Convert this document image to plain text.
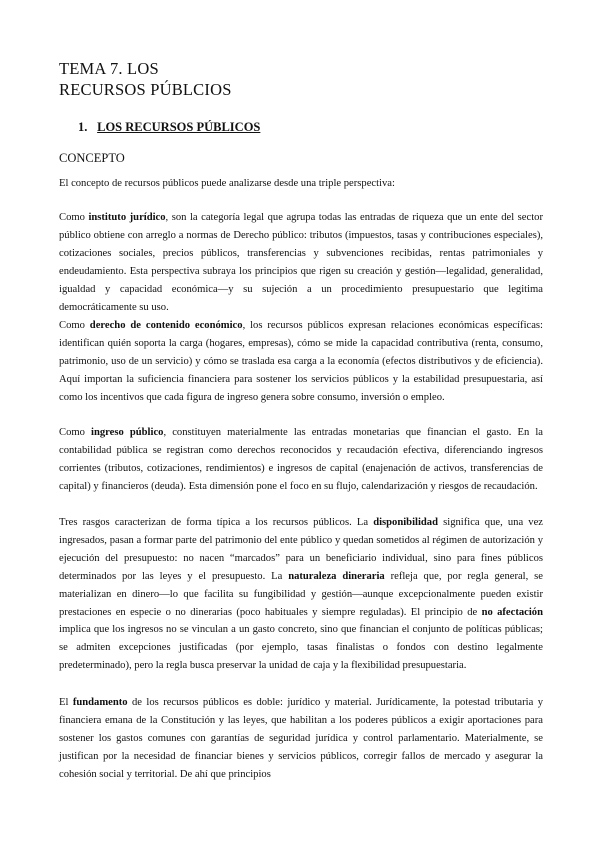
TEMA 7. LOS
RECURSOS PÚBLCIOS
1. LOS RECURSOS PÚBLICOS
CONCEPTO

El concepto de recursos públicos puede analizarse desde una triple perspectiva:

Como instituto jurídico, son la categoría legal que agrupa todas las entradas de riqueza que un ente del sector público obtiene con arreglo a normas de Derecho público: tributos (impuestos, tasas y contribuciones especiales), cotizaciones sociales, precios públicos, transferencias y subvenciones recibidas, rentas patrimoniales y endeudamiento. Esta perspectiva subraya los principios que rigen su creación y gestión—legalidad, generalidad, igualdad y capacidad económica—y su sujeción a un procedimiento presupuestario que legitima democráticamente su uso.

Como derecho de contenido económico, los recursos públicos expresan relaciones económicas específicas: identifican quién soporta la carga (hogares, empresas), cómo se mide la capacidad contributiva (renta, consumo, patrimonio, uso de un servicio) y cómo se traslada esa carga a la economía (efectos distributivos y de eficiencia). Aquí importan la suficiencia financiera para sostener los servicios públicos y la estabilidad presupuestaria, así como los incentivos que cada figura de ingreso genera sobre consumo, inversión o empleo.

Como ingreso público, constituyen materialmente las entradas monetarias que financian el gasto. En la contabilidad pública se registran como derechos reconocidos y recaudación efectiva, diferenciando ingresos corrientes (tributos, cotizaciones, rendimientos) e ingresos de capital (enajenación de activos, transferencias de capital) y financieros (deuda). Esta dimensión pone el foco en su flujo, calendarización y riesgos de recaudación.

Tres rasgos caracterizan de forma típica a los recursos públicos. La disponibilidad significa que, una vez ingresados, pasan a formar parte del patrimonio del ente público y quedan sometidos al régimen de autorización y ejecución del presupuesto: no nacen “marcados” para un beneficiario individual, sino para fines públicos determinados por las leyes y el presupuesto. La naturaleza dineraria refleja que, por regla general, se materializan en dinero—lo que facilita su fungibilidad y gestión—aunque excepcionalmente pueden existir prestaciones en especie o no dinerarias (poco habituales y siempre reguladas). El principio de no afectación implica que los ingresos no se vinculan a un gasto concreto, sino que financian el conjunto de políticas públicas; se admiten excepciones justificadas (por ejemplo, tasas finalistas o fondos con destino legalmente predeterminado), pero la regla busca preservar la unidad de caja y la flexibilidad presupuestaria.

El fundamento de los recursos públicos es doble: jurídico y material. Jurídicamente, la potestad tributaria y financiera emana de la Constitución y las leyes, que habilitan a los poderes públicos a exigir aportaciones para sostener los gastos comunes con garantías de seguridad jurídica y control parlamentario. Materialmente, se justifican por la necesidad de financiar bienes y servicios públicos, corregir fallos de mercado y asegurar la cohesión social y territorial. De ahí que principios
